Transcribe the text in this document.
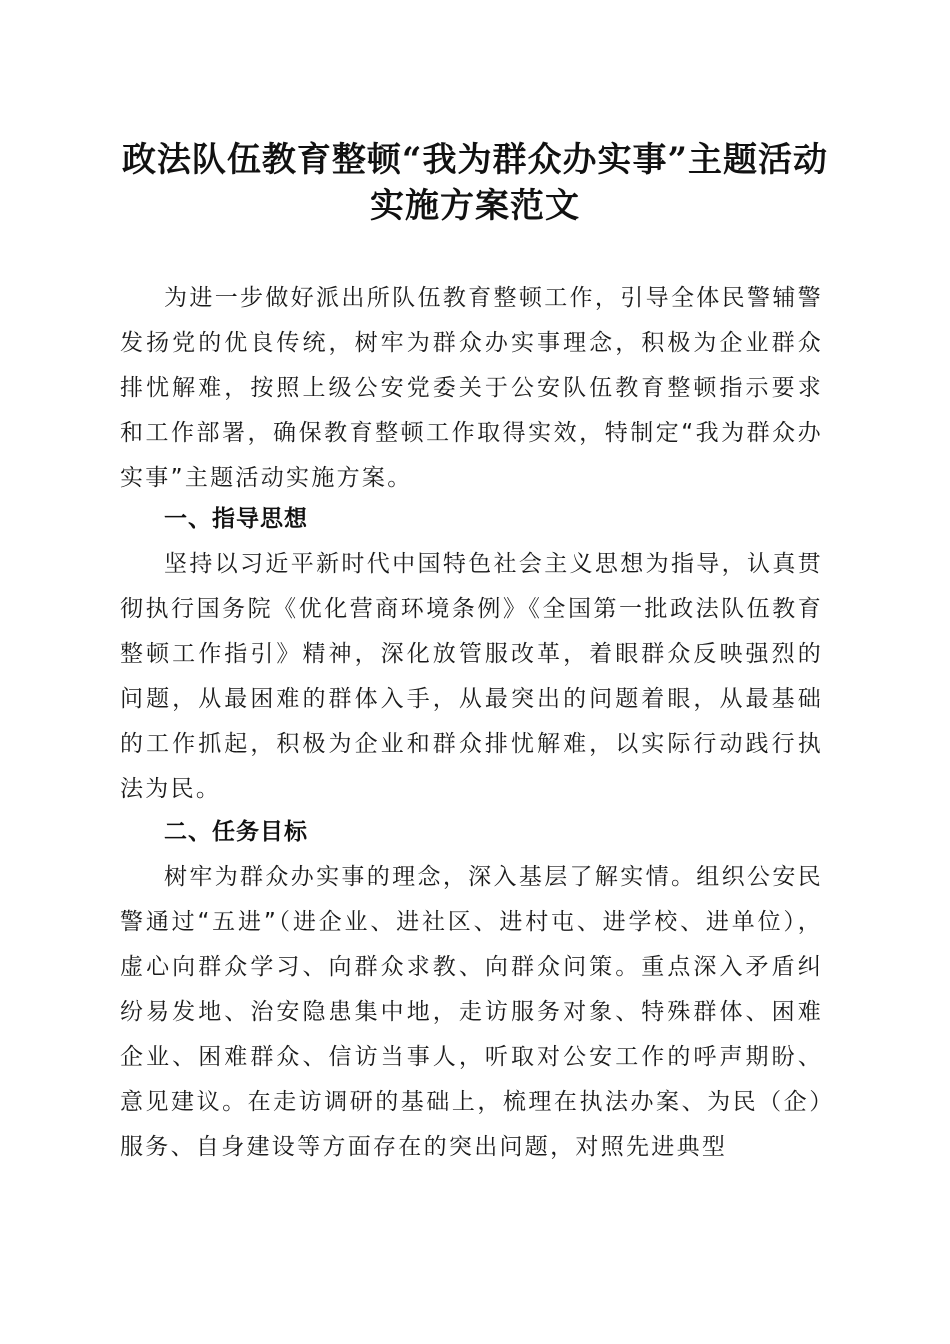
政法队伍教育整顿“我为群众办实事”主题活动实施方案范文

为进一步做好派出所队伍教育整顿工作，引导全体民警辅警发扬党的优良传统，树牢为群众办实事理念，积极为企业群众排忧解难，按照上级公安党委关于公安队伍教育整顿指示要求和工作部署，确保教育整顿工作取得实效，特制定“我为群众办实事”主题活动实施方案。

一、指导思想

坚持以习近平新时代中国特色社会主义思想为指导，认真贯彻执行国务院《优化营商环境条例》《全国第一批政法队伍教育整顿工作指引》精神，深化放管服改革，着眼群众反映强烈的问题，从最困难的群体入手，从最突出的问题着眼，从最基础的工作抓起，积极为企业和群众排忧解难，以实际行动践行执法为民。

二、任务目标

树牢为群众办实事的理念，深入基层了解实情。组织公安民警通过“五进”（进企业、进社区、进村屯、进学校、进单位），虚心向群众学习、向群众求教、向群众问策。重点深入矛盾纠纷易发地、治安隐患集中地，走访服务对象、特殊群体、困难企业、困难群众、信访当事人，听取对公安工作的呼声期盼、意见建议。在走访调研的基础上，梳理在执法办案、为民（企）服务、自身建设等方面存在的突出问题，对照先进典型
